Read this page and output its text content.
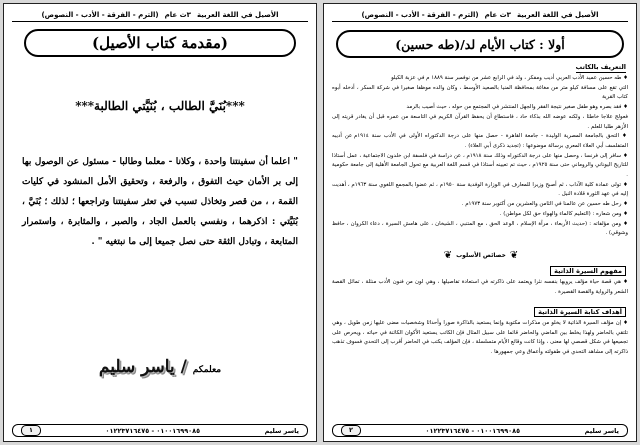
الأصيل في اللغة العربية
٣ث عام
(الترم - الفرقة - الأدب - النصوص)
(مقدمة كتاب الأصيل)
***بُنَيَّ الطالب ، بُنَيَّتي الطالبة***
" اعلما أن سفينتنا واحدة ، وكلانا - معلما وطالبا - مسئول عن الوصول بها إلى بر الأمان حيث التفوق ، والرفعة ، وتحقيق الأمل المنشود في كليات القمة ، ، من قصر وتخاذل تسبب في تعثر سفينتنا وتراجعها ؛ لذلك ؛ بُنَيَّ ، بُنَيَّتي : اذكرهما ، ونفسي بالعمل الجاد ، والصبر ، والمثابرة ، واستمرار المتابعة ، وتبادل الثقة حتى نصل جميعا إلى ما نبتغيه " .
معلمكم
/ ياسر سليم
ياسر سليم
٠١٠٠١٦٩٩٠٨٥ - ٠١٢٢٣٧١٦٤٧٥
١
الأصيل في اللغة العربية
٣ث عام
(الترم - الفرقة - الأدب - النصوص)
أولا : كتاب الأيام لد/(طه حسين)
التعريف بالكاتب

♦ طه حسين عميد الأدب العربي أديب ومفكر ، ولد في الرابع عشر من نوفمبر سنة ١٨٨٩ م في عزبة الكيلو

التي تقع على مسافة كيلو متر من مغاغة بمحافظة المنيا بالصعيد الأوسط ، وكان والده موظفا صغيرا في شركة السكر ، أدخله أبوه كتاب القرية

♦ فقد بصره وهو طفل صغير نتيجة الفقر والجهل المنتشر في المجتمع من حوله ، حيث أصيب بالرمد

فعولج علاجا خاطئا ، ولكنه عوضه الله بذكاء حاد ، فاستطاع أن يحفظ القرآن الكريم في التاسعة من عمره قبل أن يغادر قريته إلى الأزهر طلبا للعلم .

♦ التحق بالجامعة المصرية الوليدة - جامعة القاهرة - حصل منها على درجة الدكتوراه الأولى في الأدب سنة ١٩١٤م عن أديبه المتفلسف أبي العلاء المعري برسالة موضوعها : (تجديد ذكرى أبي العلاء) .

♦ سافر إلى فرنسا ، وحصل منها على درجة الدكتوراه وذلك سنة ١٩١٨م ، عن دراسة في فلسفة ابن خلدون الاجتماعية ، عمل أستاذا للتاريخ اليوناني والروماني حتى سنة ١٩٢٥م ، حيث تم تعيينه أستاذا في قسم اللغة العربية مع تحول الجامعة الأهلية إلى جامعة حكومية .

♦ تولى عمادة كلية الآداب ، ثم أصبح وزيرا للمعارف في الوزارة الوفدية سنة ١٩٥٠م ، ثم عضوا بالمجمع اللغوي سنة ١٩٦٣م ، أهديت إليه في عهد الثورة قلادة النيل .

♦ رحل طه حسين عن عالمنا في الثامن والعشرين من أكتوبر سنة ١٩٧٣م .

♦ ومن شعاره : (التعليم كالماء والهواء حق لكل مواطن) .

♦ ومن مؤلفاته : (حديث الأربعاء ، مرآة الإسلام ، الوعد الحق ، مع المتنبي ، الشيخان ، على هامش السيرة ، دعاء الكروان ، حافظ وشوقي) .

❦
خصائص الأسلوب
❦
مفهوم السيرة الذاتية
♦ هي قصة حياة مؤلف يرويها بنفسه نثرا ويعتمد على ذاكرته في استعادة تفاصيلها ، وهي لون من فنون الأدب منثلة ، تماثل القصة الشعر والرواية والقصة القصيرة .
أهداف كتابة السيرة الذاتية
♦ إن مؤلف السيرة الذاتية لا يخلو من مذكرات مكتوبة وإنما يستعيد بالذاكرة صورا وأحداثا وشخصيات مضى عليها زمن طويل ، وهي تلتقي بالحاضر ولهذا يخلط بين الماضي والحاضر قائما على سبيل المثال فإن الكاتب يستعيد الأكوان الكائنة في حياته ، ويحرص على تجميعها في شكل قصصي لها معنى ، وإذا كانت وقائع الأيام متسلسلة ، فإن المؤلف يكتب في الحاضر أقرب إلى التحدي فسوف تذهب ذاكرته إلى مشاهد التحدي في طفولته وأعماق وعي جمهورها .
ياسر سليم
٠١٠٠١٦٩٩٠٨٥ - ٠١٢٢٣٧١٦٤٧٥
٢
